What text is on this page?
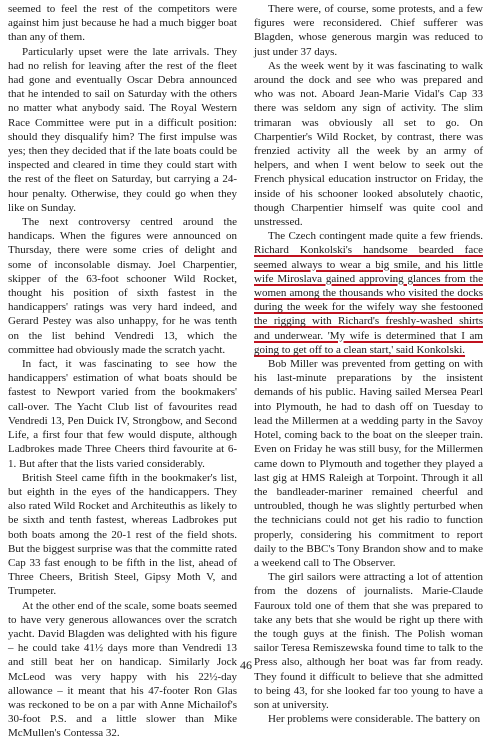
seemed to feel the rest of the competitors were against him just because he had a much bigger boat than any of them.

Particularly upset were the late arrivals. They had no relish for leaving after the rest of the fleet had gone and eventually Oscar Debra announced that he intended to sail on Saturday with the others no matter what anybody said. The Royal Western Race Committee were put in a difficult position: should they disqualify him? The first impulse was yes; then they decided that if the late boats could be inspected and cleared in time they could start with the rest of the fleet on Saturday, but carrying a 24-hour penalty. Otherwise, they could go when they like on Sunday.

The next controversy centred around the handicaps. When the figures were announced on Thursday, there were some cries of delight and some of inconsolable dismay. Joel Charpentier, skipper of the 63-foot schooner Wild Rocket, thought his position of sixth fastest in the handicappers' ratings was very hard indeed, and Gerard Pestey was also unhappy, for he was tenth on the list behind Vendredi 13, which the committee had obviously made the scratch yacht.

In fact, it was fascinating to see how the handicappers' estimation of what boats should be fastest to Newport varied from the bookmakers' call-over. The Yacht Club list of favourites read Vendredi 13, Pen Duick IV, Strongbow, and Second Life, a first four that few would dispute, although Ladbrokes made Three Cheers third favourite at 6-1. But after that the lists varied considerably.

British Steel came fifth in the bookmaker's list, but eighth in the eyes of the handicappers. They also rated Wild Rocket and Architeuthis as likely to be sixth and tenth fastest, whereas Ladbrokes put both boats among the 20-1 rest of the field shots. But the biggest surprise was that the committe rated Cap 33 fast enough to be fifth in the list, ahead of Three Cheers, British Steel, Gipsy Moth V, and Trumpeter.

At the other end of the scale, some boats seemed to have very generous allowances over the scratch yacht. David Blagden was delighted with his figure – he could take 41½ days more than Vendredi 13 and still beat her on handicap. Similarly Jock McLeod was very happy with his 22½-day allowance – it meant that his 47-footer Ron Glas was reckoned to be on a par with Anne Michailof's 30-foot P.S. and a little slower than Mike McMullen's Contessa 32.

There were, of course, some protests, and a few figures were reconsidered. Chief sufferer was Blagden, whose generous margin was reduced to just under 37 days.

As the week went by it was fascinating to walk around the dock and see who was prepared and who was not. Aboard Jean-Marie Vidal's Cap 33 there was seldom any sign of activity. The slim trimaran was obviously all set to go. On Charpentier's Wild Rocket, by contrast, there was frenzied activity all the week by an army of helpers, and when I went below to seek out the French physical education instructor on Friday, the inside of his schooner looked absolutely chaotic, though Charpentier himself was quite cool and unstressed.

The Czech contingent made quite a few friends. Richard Konkolski's handsome bearded face seemed always to wear a big smile, and his little wife Miroslava gained approving glances from the women among the thousands who visited the docks during the week for the wifely way she festooned the rigging with Richard's freshly-washed shirts and underwear. 'My wife is determined that I am going to get off to a clean start,' said Konkolski.

Bob Miller was prevented from getting on with his last-minute preparations by the insistent demands of his public. Having sailed Mersea Pearl into Plymouth, he had to dash off on Tuesday to lead the Millermen at a wedding party in the Savoy Hotel, coming back to the boat on the sleeper train. Even on Friday he was still busy, for the Millermen came down to Plymouth and together they played a last gig at HMS Raleigh at Torpoint. Through it all the bandleader-mariner remained cheerful and untroubled, though he was slightly perturbed when the technicians could not get his radio to function properly, considering his commitment to report daily to the BBC's Tony Brandon show and to make a weekend call to The Observer.

The girl sailors were attracting a lot of attention from the dozens of journalists. Marie-Claude Fauroux told one of them that she was prepared to take any bets that she would be right up there with the tough guys at the finish. The Polish woman sailor Teresa Remiszewska found time to talk to the Press also, although her boat was far from ready. They found it difficult to believe that she admitted to being 43, for she looked far too young to have a son at university.

Her problems were considerable. The battery on

46
